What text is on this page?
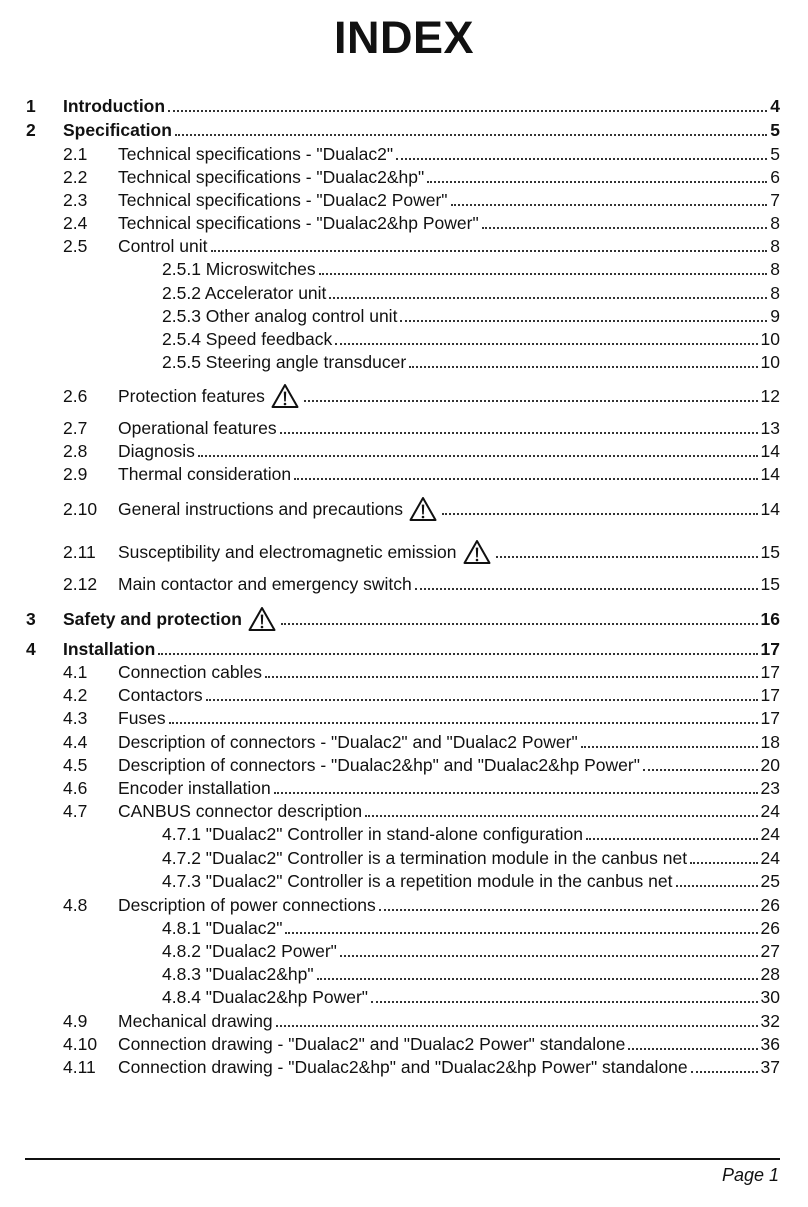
INDEX
1 Introduction	4
2 Specification	5
2.1 Technical specifications - "Dualac2"	5
2.2 Technical specifications - "Dualac2&hp"	6
2.3 Technical specifications - "Dualac2 Power"	7
2.4 Technical specifications - "Dualac2&hp Power"	8
2.5 Control unit	8
2.5.1 Microswitches	8
2.5.2 Accelerator unit	8
2.5.3 Other analog control unit	9
2.5.4 Speed feedback	10
2.5.5 Steering angle transducer	10
2.6 Protection features	12
2.7 Operational features	13
2.8 Diagnosis	14
2.9 Thermal consideration	14
2.10 General instructions and precautions	14
2.11 Susceptibility and electromagnetic emission	15
2.12 Main contactor and emergency switch	15
3 Safety and protection	16
4 Installation	17
4.1 Connection cables	17
4.2 Contactors	17
4.3 Fuses	17
4.4 Description of connectors - "Dualac2" and "Dualac2 Power"	18
4.5 Description of connectors - "Dualac2&hp" and "Dualac2&hp Power"	20
4.6 Encoder installation	23
4.7 CANBUS connector description	24
4.7.1 "Dualac2" Controller in stand-alone configuration	24
4.7.2 "Dualac2" Controller is a termination module in the canbus net	24
4.7.3 "Dualac2" Controller is a repetition module in the canbus net	25
4.8 Description of power connections	26
4.8.1 "Dualac2"	26
4.8.2 "Dualac2 Power"	27
4.8.3 "Dualac2&hp"	28
4.8.4 "Dualac2&hp Power"	30
4.9 Mechanical drawing	32
4.10 Connection drawing - "Dualac2" and "Dualac2 Power" standalone	36
4.11 Connection drawing - "Dualac2&hp" and "Dualac2&hp Power" standalone	37
Page 1
